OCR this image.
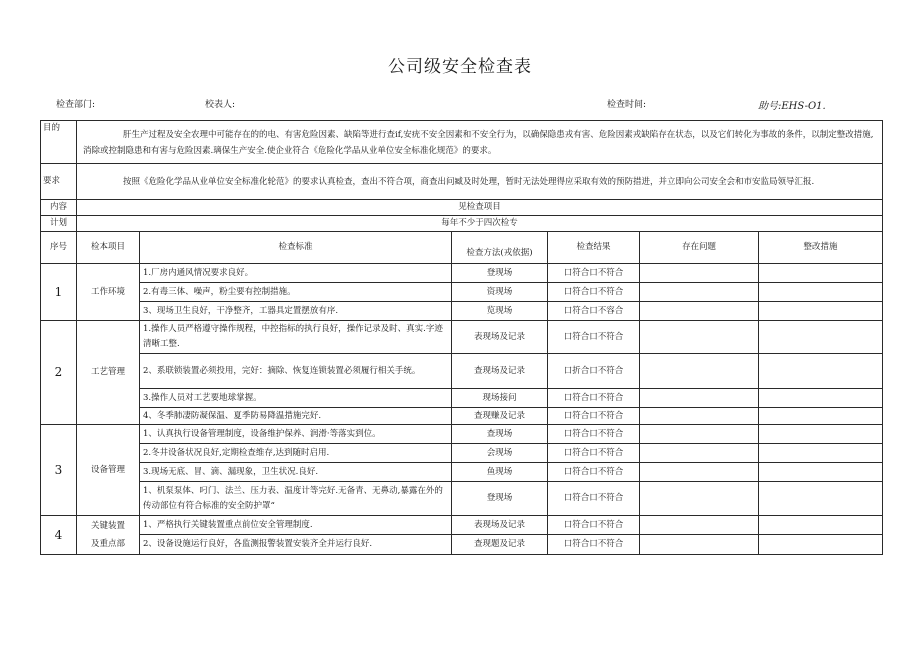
公司级安全检查表
检查部门:	校表人:	检查时间:	助号:EHS-O1.
目的	肝生产过程及安全农理中可能存在的的电、有害危险因素、缺陷等进行查if,安疣不安全因素和不安全行为，以确保隐患戎有害、危险因素戎缺陷存在状态，以及它们转化为事故的条件，以制定整改措施,消除或控制隐患和有害与危险因素.璃保生产安全.使企业符合《危险化学品从业单位安全标准化规范》的要求。					
要求	按照《危险化学品从业单位安全标准化轮范》的要求认真检查，查出不符合项，商查出问臧及时处理，暂时无法处理得应采取有效的预防措进，并立即向公司安全会和市安监局领导汇报.					
内容	见检查项目					
计划	每年不少于四次检专					
序号	检本项目	检查标准	检查方法(戎依据)	检查结果	存在问题	整改措施
1	工作环境	1.厂房内通风情况要求良好。	登现场	口符合口不符合		
		2.有毒三体、噪声，粉尘要有控制措施。	资现场	口符合口不符合		
		3、现场卫生良好，干净整齐，工器具定置摆放有序.	览现场	口符合口不容合		
2	工艺管理	1.操作人员严格遵守操作规程，中控指标的执行良好，操作记录及时、真实.字迹清晰工整.	表现场及记录	口符合口不符合		
		2、系联锁装置必须投用，完好：摘除、恢复连锁装置必须履行相关手统。	查现场及记录	口折合口不符合		
		3.操作人员对工艺要地球掌握。	现场接问	口符合口不符合		
		4、冬季肺凄防凝保温、夏季防易降温措施完好.	查现赚及记录	口符合口不符合		
3	设备管理	1、认真执行设备管理制度，设备维护保养、润滑·等落实到位。	查现场	口符合口不符合		
		2.冬井设备状况良好,定期检查维存,达到随时启用.	会现场	口符合口不符合		
		3.现场无底、冒、滴、漏现象，卫生状况.良好.	鱼现场	口符合口不符合		
		1、机泵泵体、叼门、法兰、压力表、温度计等完好.无备青、无鼻动,暴露在外的传动部位有符合标准的安全防护罩“	登现场	口符合口不符合		
4	关键装置及重点部	1、严格执行关键装置重点前位安全管理制度.	表现场及记录	口符合口不符合		
		2、设备设施运行良好，各监测报警装置安装齐全并运行良好.	查现题及记录	口符合口不符合		
